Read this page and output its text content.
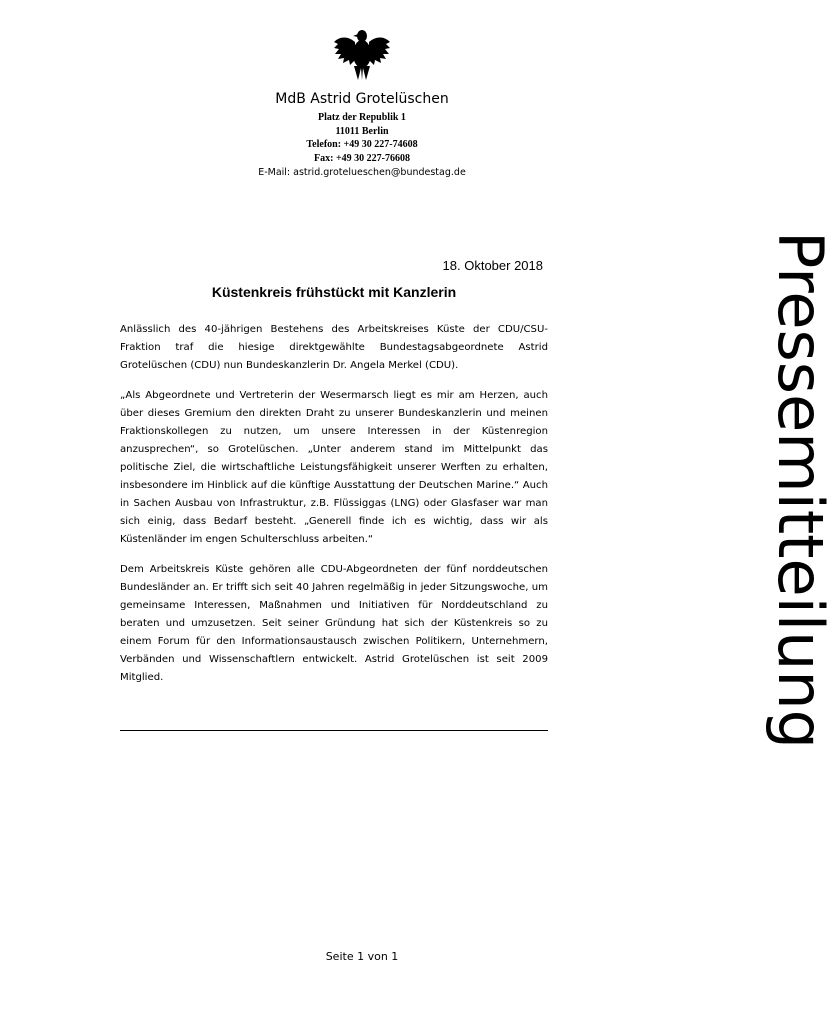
MdB Astrid Grotelüschen
Platz der Republik 1
11011 Berlin
Telefon: +49 30 227-74608
Fax: +49 30 227-76608
E-Mail: astrid.grotelueschen@bundestag.de
Pressemitteilung
18. Oktober 2018
Küstenkreis frühstückt mit Kanzlerin

Anlässlich des 40-jährigen Bestehens des Arbeitskreises Küste der CDU/CSU-Fraktion traf die hiesige direktgewählte Bundestagsabgeordnete Astrid Grotelüschen (CDU) nun Bundeskanzlerin Dr. Angela Merkel (CDU).

„Als Abgeordnete und Vertreterin der Wesermarsch liegt es mir am Herzen, auch über dieses Gremium den direkten Draht zu unserer Bundeskanzlerin und meinen Fraktionskollegen zu nutzen, um unsere Interessen in der Küstenregion anzusprechen“, so Grotelüschen. „Unter anderem stand im Mittelpunkt das politische Ziel, die wirtschaftliche Leistungsfähigkeit unserer Werften zu erhalten, insbesondere im Hinblick auf die künftige Ausstattung der Deutschen Marine.“ Auch in Sachen Ausbau von Infrastruktur, z.B. Flüssiggas (LNG) oder Glasfaser war man sich einig, dass Bedarf besteht. „Generell finde ich es wichtig, dass wir als Küstenländer im engen Schulterschluss arbeiten.“

Dem Arbeitskreis Küste gehören alle CDU-Abgeordneten der fünf norddeutschen Bundesländer an. Er trifft sich seit 40 Jahren regelmäßig in jeder Sitzungswoche, um gemeinsame Interessen, Maßnahmen und Initiativen für Norddeutschland zu beraten und umzusetzen. Seit seiner Gründung hat sich der Küstenkreis so zu einem Forum für den Informationsaustausch zwischen Politikern, Unternehmern, Verbänden und Wissenschaftlern entwickelt. Astrid Grotelüschen ist seit 2009 Mitglied.

Seite 1 von 1
